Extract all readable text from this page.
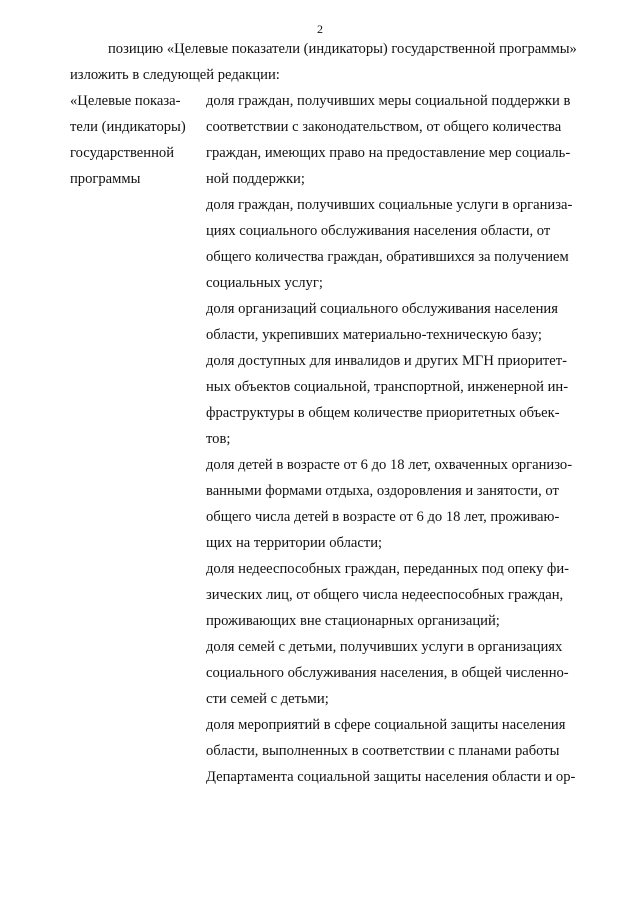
2
позицию «Целевые показатели (индикаторы) государственной программы»
изложить в следующей редакции:
«Целевые показа-
тели (индикаторы)
государственной
программы
доля граждан, получивших меры социальной поддержки в
соответствии с законодательством, от общего количества
граждан, имеющих право на предоставление мер социаль-
ной поддержки;
доля граждан, получивших социальные услуги в организа-
циях социального обслуживания населения области, от
общего количества граждан, обратившихся за получением
социальных услуг;
доля организаций социального обслуживания населения
области, укрепивших материально-техническую базу;
доля доступных для инвалидов и других МГН приоритет-
ных объектов социальной, транспортной, инженерной ин-
фраструктуры в общем количестве приоритетных объек-
тов;
доля детей в возрасте от 6 до 18 лет, охваченных организо-
ванными формами отдыха, оздоровления и занятости, от
общего числа детей в возрасте от 6 до 18 лет, проживаю-
щих на территории области;
доля недееспособных граждан, переданных под опеку фи-
зических лиц, от общего числа недееспособных граждан,
проживающих вне стационарных организаций;
доля семей с детьми, получивших услуги в организациях
социального обслуживания населения, в общей численно-
сти семей с детьми;
доля мероприятий в сфере социальной защиты населения
области, выполненных в соответствии с планами работы
Департамента социальной защиты населения области и ор-
